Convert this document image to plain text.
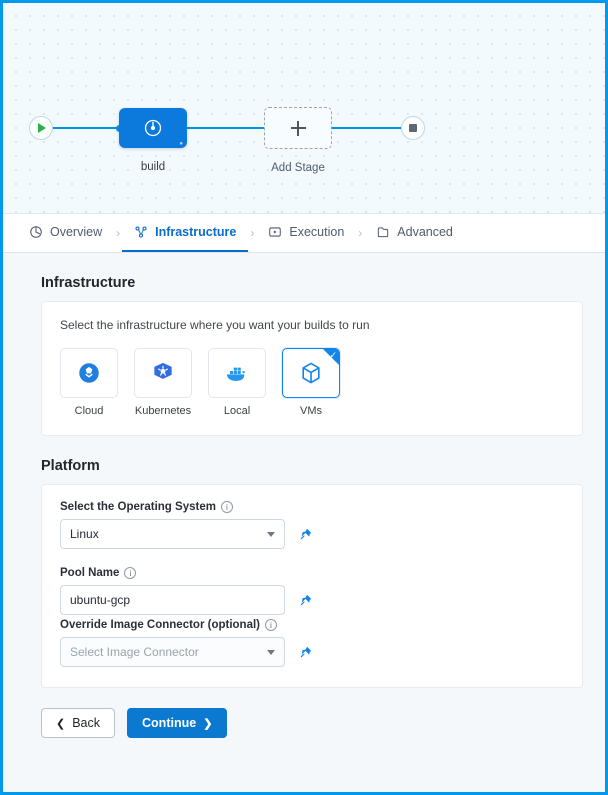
●
build	Add Stage
Overview ›	Infrastructure ›	Execution ›	Advanced
Infrastructure
Select the infrastructure where you want your builds to run
Cloud	Kubernetes	Local
✓
VMs
Platform
Select the Operating System	i
Linux
Pool Name	i
ubuntu-gcp
Override Image Connector (optional)	i
Select Image Connector
❮ Back	Continue ❯
